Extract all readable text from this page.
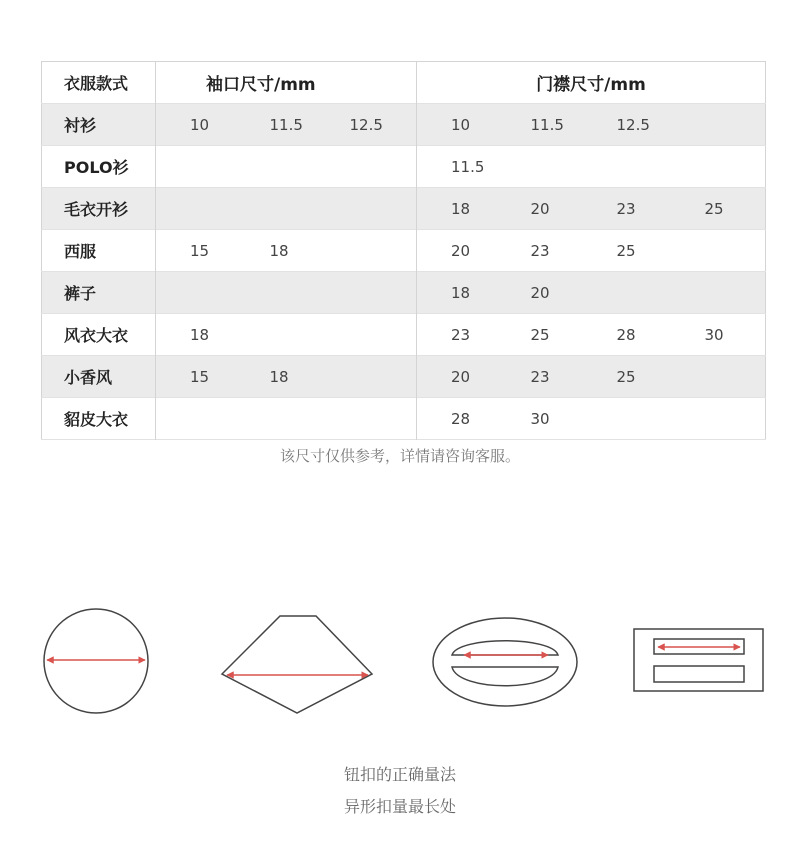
衣服款式	袖口尺寸/mm			门襟尺寸/mm			
衬衫	10	11.5	12.5	10	11.5	12.5	
POLO衫				11.5			
毛衣开衫				18	20	23	25
西服	15	18		20	23	25	
裤子				18	20		
风衣大衣	18			23	25	28	30
小香风	15	18		20	23	25	
貂皮大衣				28	30		
该尺寸仅供参考，详情请咨询客服。
钮扣的正确量法
异形扣量最长处
